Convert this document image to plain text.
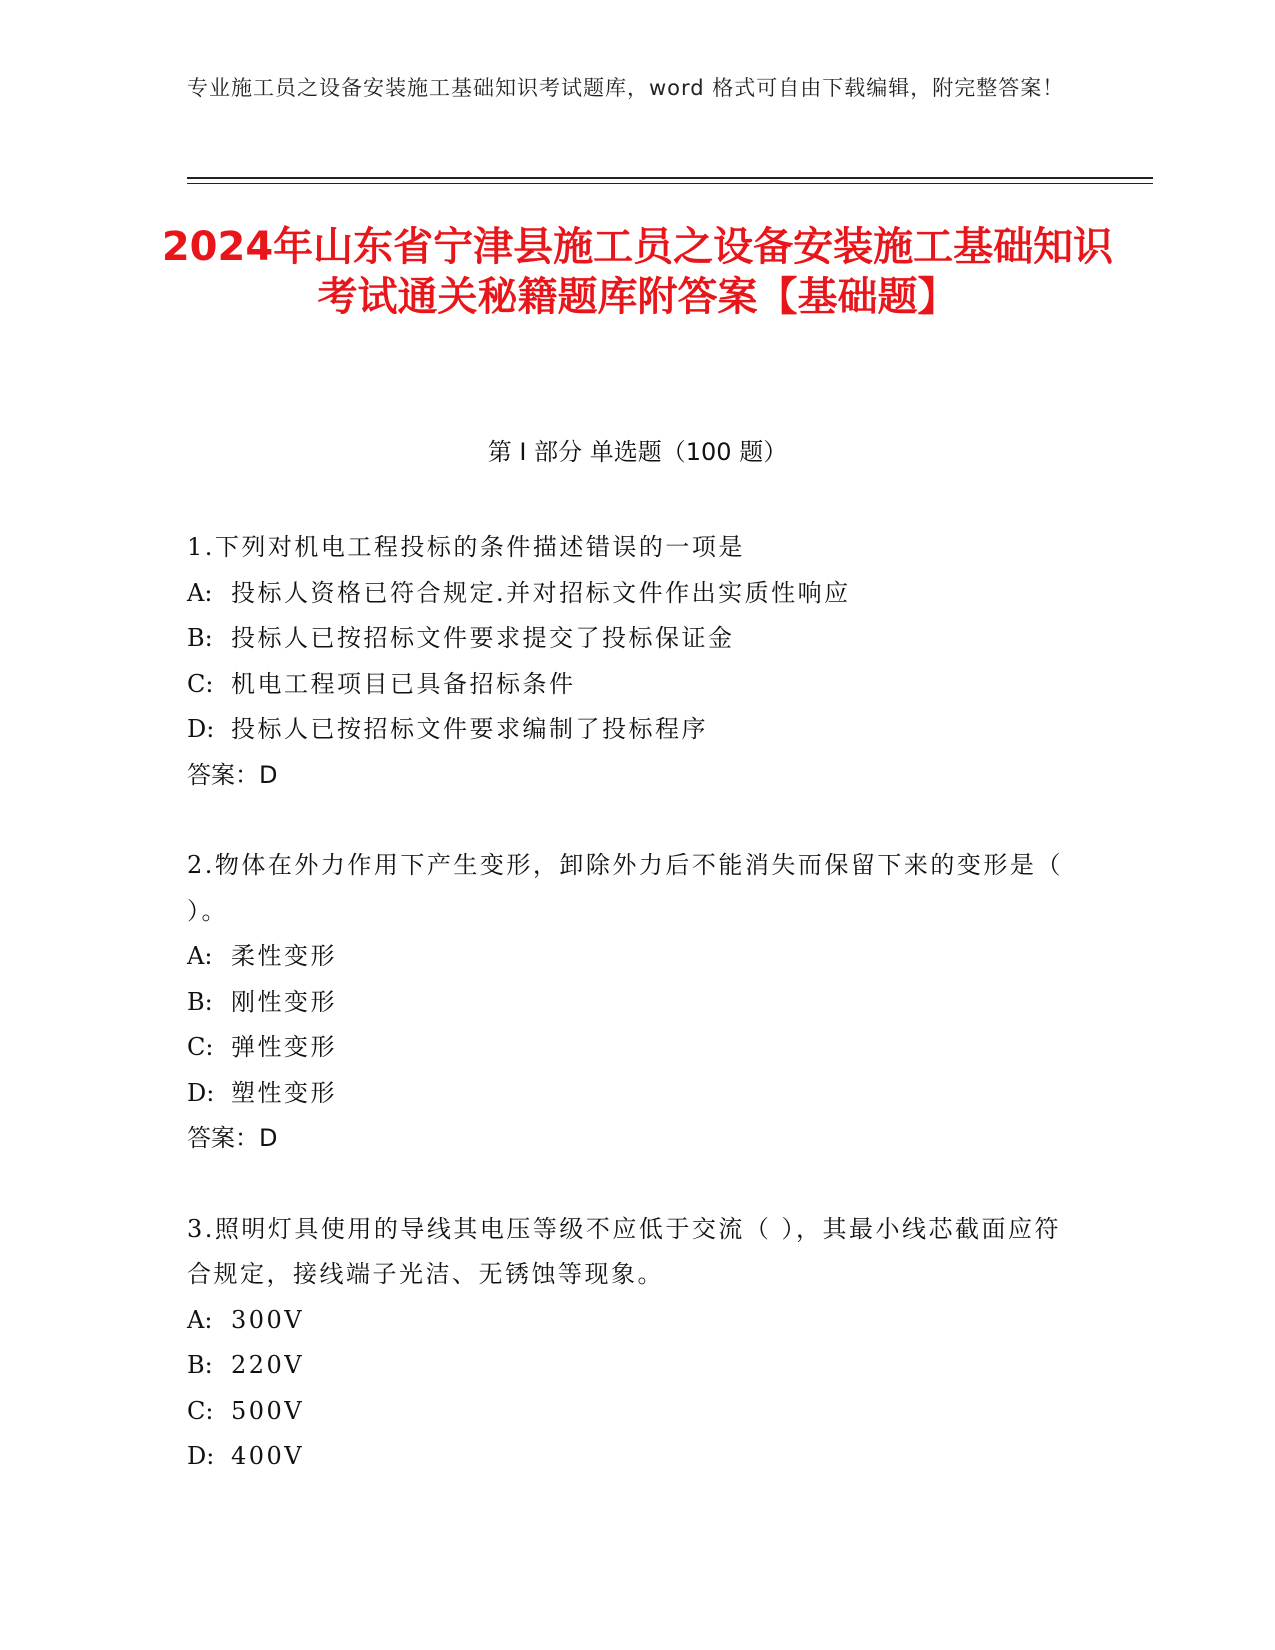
专业施工员之设备安装施工基础知识考试题库，word 格式可自由下载编辑，附完整答案！
2024年山东省宁津县施工员之设备安装施工基础知识考试通关秘籍题库附答案【基础题】
第 I 部分 单选题（100 题）
1.下列对机电工程投标的条件描述错误的一项是
A: 投标人资格已符合规定.并对招标文件作出实质性响应
B: 投标人已按招标文件要求提交了投标保证金
C: 机电工程项目已具备招标条件
D: 投标人已按招标文件要求编制了投标程序
答案：D
2.物体在外力作用下产生变形，卸除外力后不能消失而保留下来的变形是（ ）。
A: 柔性变形
B: 刚性变形
C: 弹性变形
D: 塑性变形
答案：D
3.照明灯具使用的导线其电压等级不应低于交流（ ），其最小线芯截面应符合规定，接线端子光洁、无锈蚀等现象。
A: 300V
B: 220V
C: 500V
D: 400V
